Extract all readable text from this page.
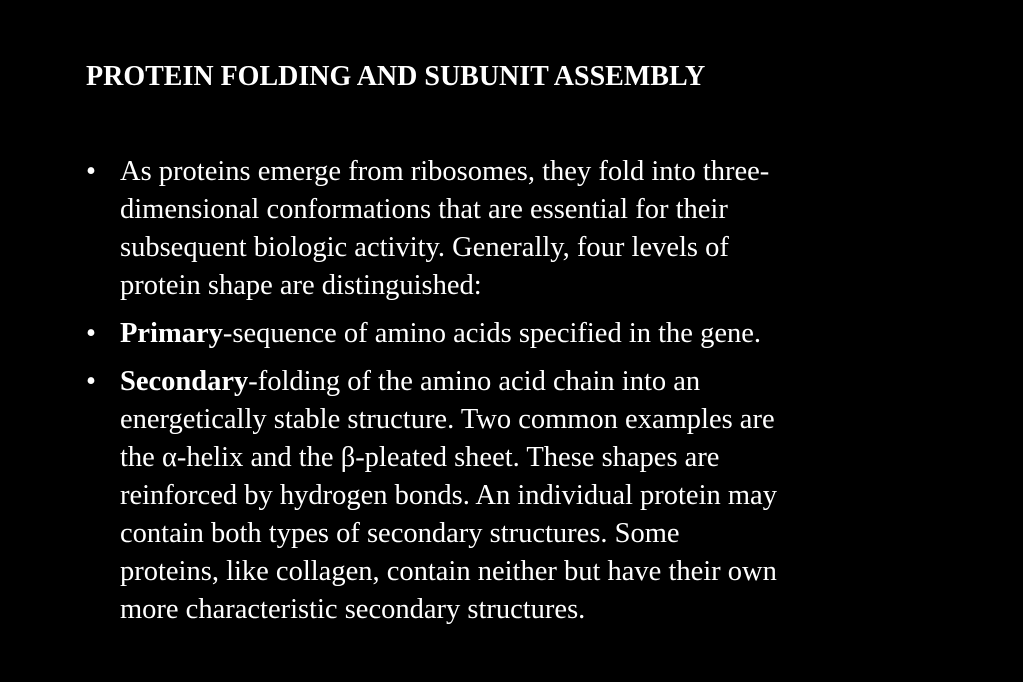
PROTEIN FOLDING AND SUBUNIT ASSEMBLY
• As proteins emerge from ribosomes, they fold into three-
dimensional conformations that are essential for their
subsequent biologic activity. Generally, four levels of
protein shape are distinguished:
• Primary-sequence of amino acids specified in the gene.
• Secondary-folding of the amino acid chain into an
energetically stable structure. Two common examples are
the α-helix and the β-pleated sheet. These shapes are
reinforced by hydrogen bonds. An individual protein may
contain both types of secondary structures. Some
proteins, like collagen, contain neither but have their own
more characteristic secondary structures.
